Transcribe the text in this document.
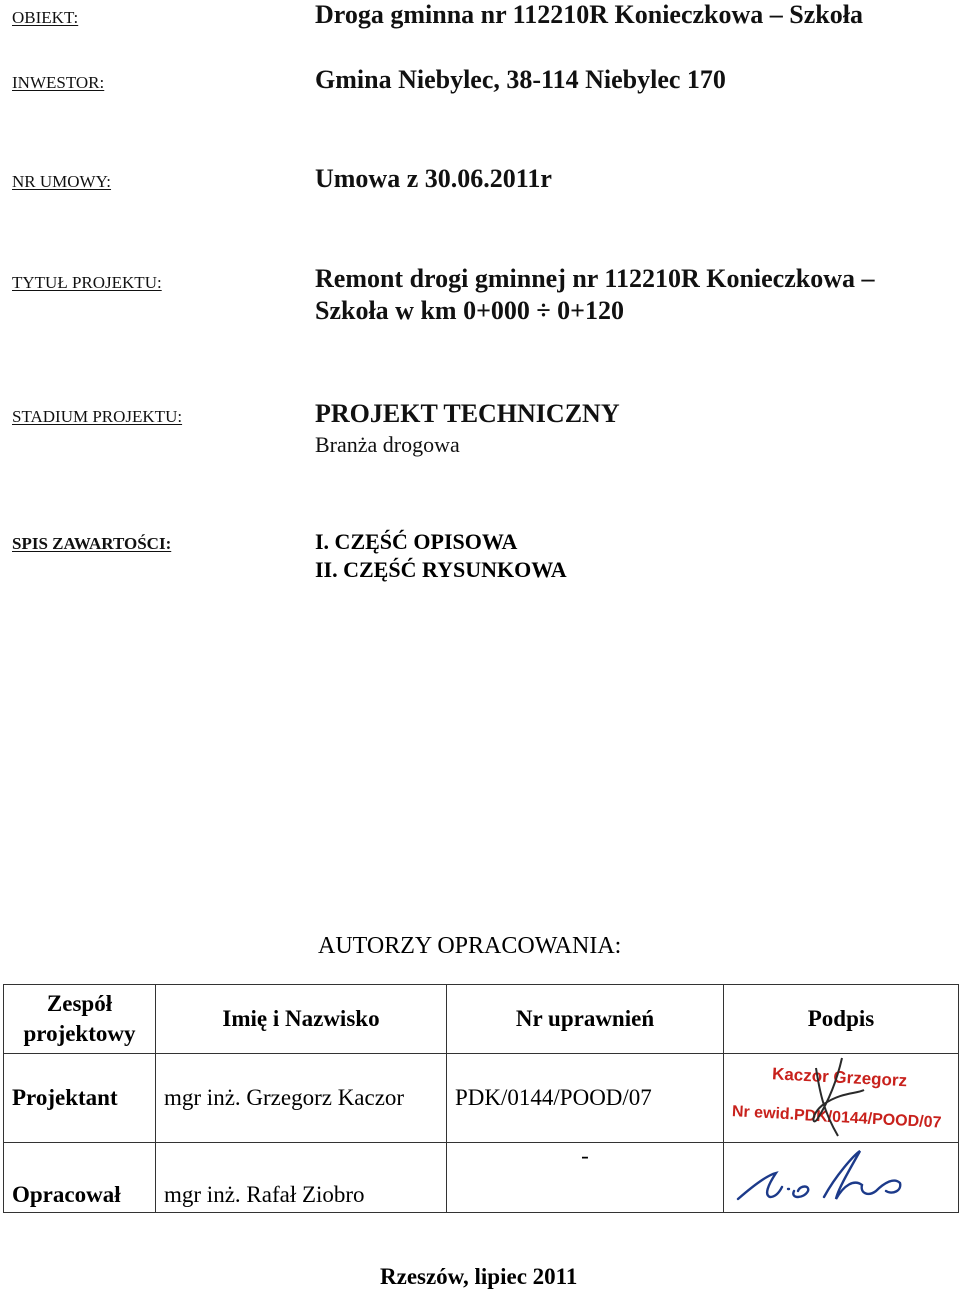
OBIEKT:	Droga gminna nr 112210R Konieczkowa – Szkoła
INWESTOR:	Gmina Niebylec, 38-114 Niebylec 170
NR UMOWY:	Umowa z 30.06.2011r
TYTUŁ PROJEKTU:	Remont drogi gminnej nr 112210R Konieczkowa –
Szkoła w km 0+000 ÷ 0+120
STADIUM PROJEKTU:	PROJEKT TECHNICZNY
Branża drogowa
SPIS ZAWARTOŚCI:	I. CZĘŚĆ OPISOWA
II. CZĘŚĆ RYSUNKOWA
AUTORZY OPRACOWANIA:
Zespół projektowy	Imię i Nazwisko	Nr uprawnień	Podpis
Projektant	mgr inż. Grzegorz Kaczor	PDK/0144/POOD/07	Kaczor Grzegorz
Nr ewid.
PDK/0144/POOD/07

Opracował	mgr inż. Rafał Ziobro	-	
Rzeszów, lipiec 2011
